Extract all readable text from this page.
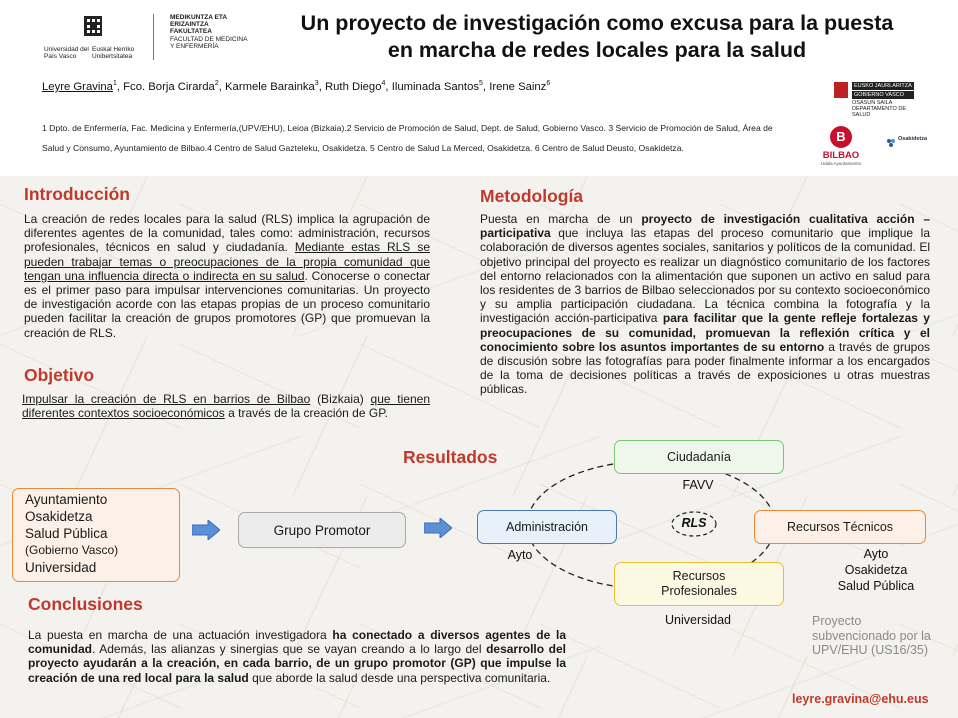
Universidad del País Vasco
Euskal Herriko Unibertsitatea
MEDIKUNTZA ETA ERIZAINTZA FAKULTATEA
FACULTAD DE MEDICINA Y ENFERMERÍA
Un proyecto de investigación como excusa para la puesta
en marcha de redes locales para la salud
Leyre Gravina$^1$, Fco. Borja Cirarda$^2$, Karmele Barainka$^3$, Ruth Diego$^4$, Iluminada Santos$^5$, Irene Sainz$^6$
1 Dpto. de Enfermería, Fac. Medicina y Enfermería,(UPV/EHU), Leioa (Bizkaia).2 Servicio de Promoción de Salud, Dept. de Salud, Gobierno Vasco. 3 Servicio de Promoción de Salud, Área de Salud y Consumo, Ayuntamiento de Bilbao.4 Centro de Salud Gazteleku, Osakidetza. 5 Centro de Salud La Merced, Osakidetza. 6 Centro de Salud Deusto, Osakidetza.
EUSKO JAURLARITZA
GOBIERNO VASCO
OSASUN SAILA DEPARTAMENTO DE SALUD
B
BILBAO
Udala Ayuntamiento
Osakidetza
Introducción
La creación de redes locales para la salud (RLS) implica la agrupación de diferentes agentes de la comunidad, tales como: administración, recursos profesionales, técnicos en salud y ciudadanía. Mediante estas RLS se pueden trabajar temas o preocupaciones de la propia comunidad que tengan una influencia directa o indirecta en su salud. Conocerse o conectar es el primer paso para impulsar intervenciones comunitarias. Un proyecto de investigación acorde con las etapas propias de un proceso comunitario pueden facilitar la creación de grupos promotores (GP) que promuevan la creación de RLS.
Objetivo
Impulsar la creación de RLS en barrios de Bilbao (Bizkaia) que tienen diferentes contextos socioeconómicos a través de la creación de GP.
Metodología
Puesta en marcha de un proyecto de investigación cualitativa acción –participativa que incluya las etapas del proceso comunitario que implique la colaboración de diversos agentes sociales, sanitarios y políticos de la comunidad. El objetivo principal del proyecto es realizar un diagnóstico comunitario de los factores del entorno relacionados con la alimentación que suponen un activo en salud para los residentes de 3 barrios de Bilbao seleccionados por su contexto socioeconómico y su amplia participación ciudadana. La técnica combina la fotografía y la investigación acción-participativa para facilitar que la gente refleje fortalezas y preocupaciones de su comunidad, promuevan la reflexión crítica y el conocimiento sobre los asuntos importantes de su entorno a través de grupos de discusión sobre las fotografías para poder finalmente informar a los encargados de la toma de decisiones políticas a través de exposiciones u otras muestras públicas.
Resultados
Ayuntamiento
Osakidetza
Salud Pública
(Gobierno Vasco)
Universidad
Grupo Promotor
Ciudadanía
FAVV
Administración
Ayto
RLS	Recursos Técnicos
Ayto
Osakidetza
Salud Pública
Recursos
Profesionales
Universidad
Conclusiones
La puesta en marcha de una actuación investigadora ha conectado a diversos agentes de la comunidad. Además, las alianzas y sinergias que se vayan creando a lo largo del desarrollo del proyecto ayudarán a la creación, en cada barrio, de un grupo promotor (GP) que impulse la creación de una red local para la salud que aborde la salud desde una perspectiva comunitaria.
Proyecto subvencionado por la UPV/EHU (US16/35)
leyre.gravina@ehu.eus
